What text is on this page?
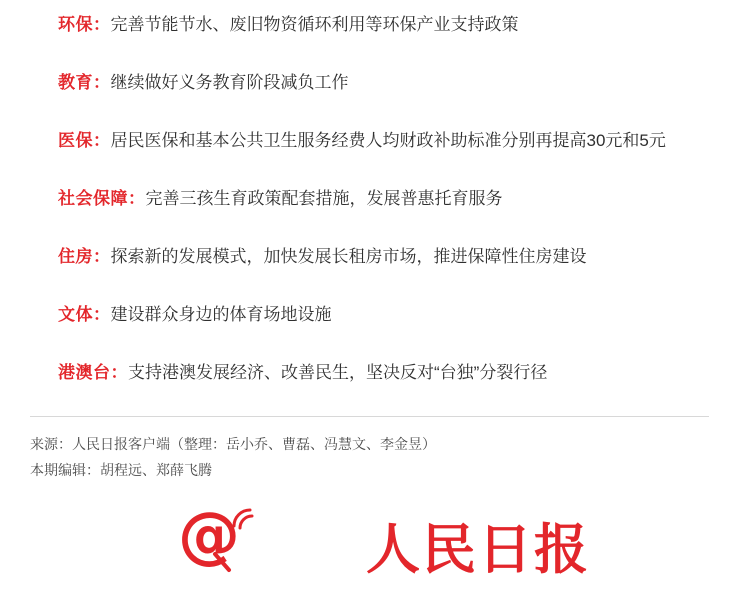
环保：完善节能节水、废旧物资循环利用等环保产业支持政策

教育：继续做好义务教育阶段减负工作

医保：居民医保和基本公共卫生服务经费人均财政补助标准分别再提高30元和5元

社会保障：完善三孩生育政策配套措施，发展普惠托育服务

住房：探索新的发展模式，加快发展长租房市场，推进保障性住房建设

文体：建设群众身边的体育场地设施

港澳台：支持港澳发展经济、改善民生，坚决反对“台独”分裂行径

来源：人民日报客户端（整理：岳小乔、曹磊、冯慧文、李金昱）
本期编辑：胡程远、郑薛飞腾
@ 人民日报
